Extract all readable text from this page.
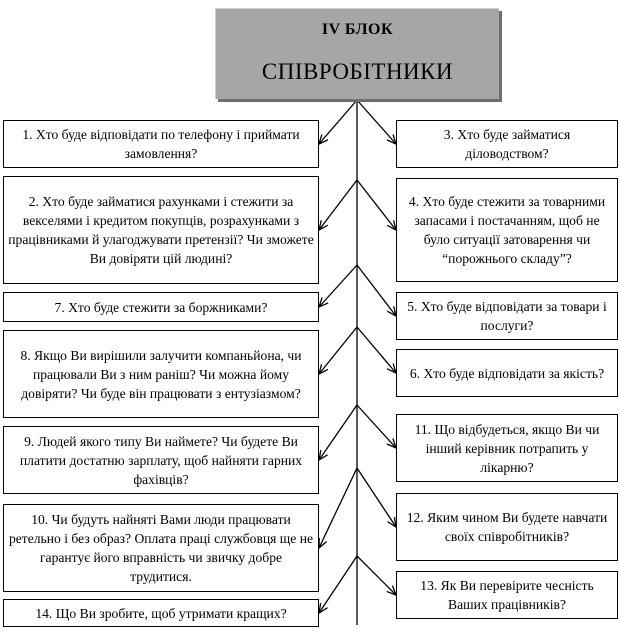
IV БЛОК
СПІВРОБІТНИКИ
1. Хто буде відповідати по телефону і приймати замовлення?
2. Хто буде займатися рахунками і стежити за векселями і кредитом покупців, розрахунками з працівниками й улагоджувати претензії? Чи зможете Ви довіряти цій людині?
7. Хто буде стежити за боржниками?
8. Якщо Ви вирішили залучити компаньйона, чи працювали Ви з ним раніш? Чи можна йому довіряти? Чи буде він працювати з ентузіазмом?
9. Людей якого типу Ви наймете? Чи будете Ви платити достатню зарплату, щоб найняти гарних фахівців?
10. Чи будуть найняті Вами люди працювати ретельно і без образ? Оплата праці службовця ще не гарантує його вправність чи звичку добре трудитися.
14. Що Ви зробите, щоб утримати кращих?
3. Хто буде займатися діловодством?
4. Хто буде стежити за товарними запасами і постачанням, щоб не було ситуації затоварення чи “порожнього складу”?
5. Хто буде відповідати за товари і послуги?
6. Хто буде відповідати за якість?
11. Що відбудеться, якщо Ви чи інший керівник потрапить у лікарню?
12. Яким чином Ви будете навчати своїх співробітників?
13. Як Ви перевірите чесність Ваших працівників?
